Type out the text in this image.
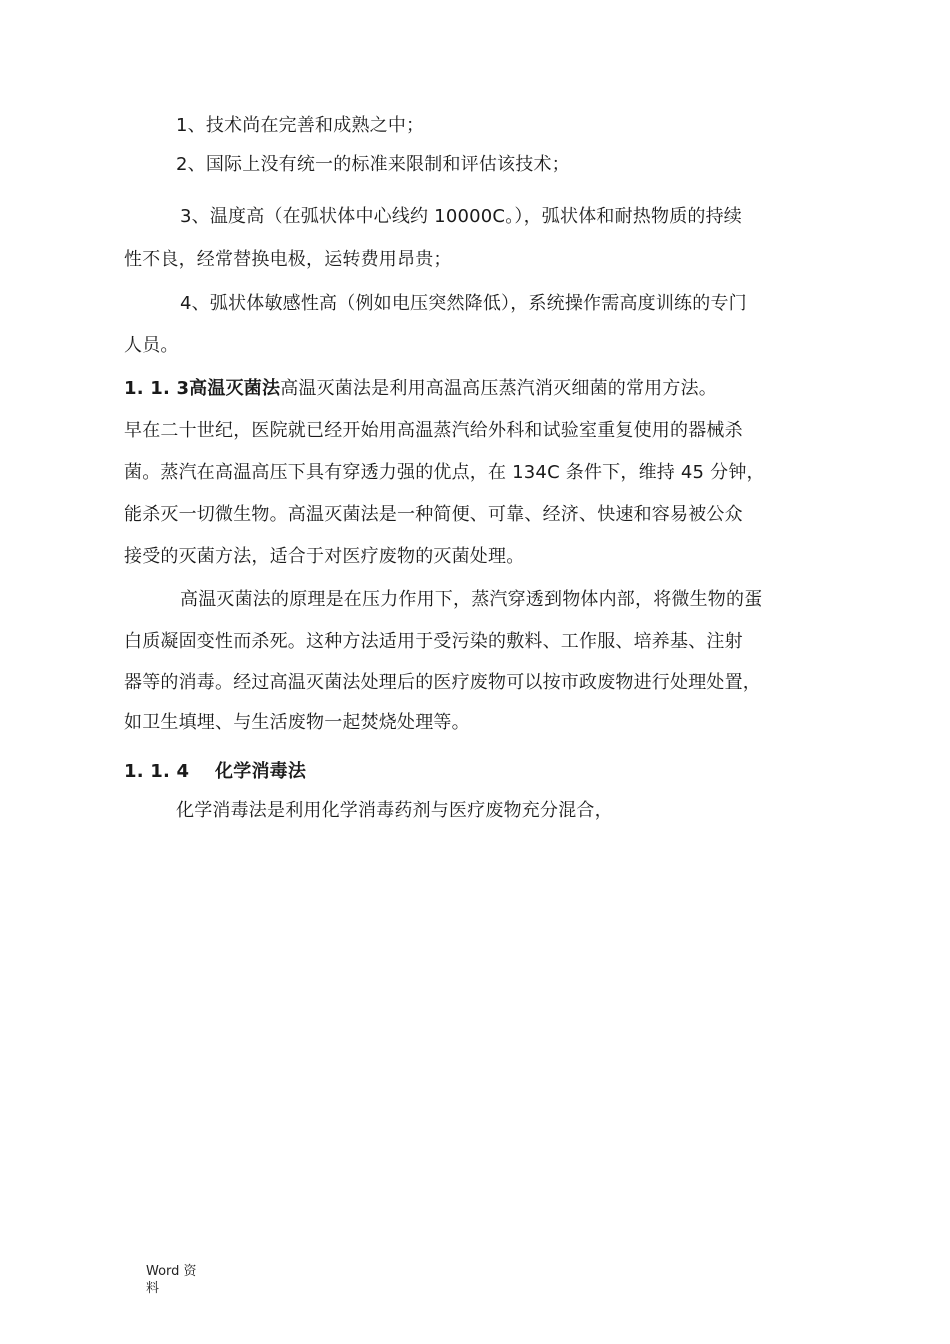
1、技术尚在完善和成熟之中；
2、国际上没有统一的标准来限制和评估该技术；
3、温度高（在弧状体中心线约 10000C。），弧状体和耐热物质的持续
性不良，经常替换电极，运转费用昂贵；
4、弧状体敏感性高（例如电压突然降低），系统操作需高度训练的专门
人员。
1. 1. 3高温灭菌法高温灭菌法是利用高温高压蒸汽消灭细菌的常用方法。
早在二十世纪，医院就已经开始用高温蒸汽给外科和试验室重复使用的器械杀
菌。蒸汽在高温高压下具有穿透力强的优点，在 134C 条件下，维持 45 分钟，
能杀灭一切微生物。高温灭菌法是一种简便、可靠、经济、快速和容易被公众
接受的灭菌方法，适合于对医疗废物的灭菌处理。
高温灭菌法的原理是在压力作用下，蒸汽穿透到物体内部，将微生物的蛋
白质凝固变性而杀死。这种方法适用于受污染的敷料、工作服、培养基、注射
器等的消毒。经过高温灭菌法处理后的医疗废物可以按市政废物进行处理处置，
如卫生填埋、与生活废物一起焚烧处理等。
1. 1. 4    化学消毒法
化学消毒法是利用化学消毒药剂与医疗废物充分混合，
Word 资
料
